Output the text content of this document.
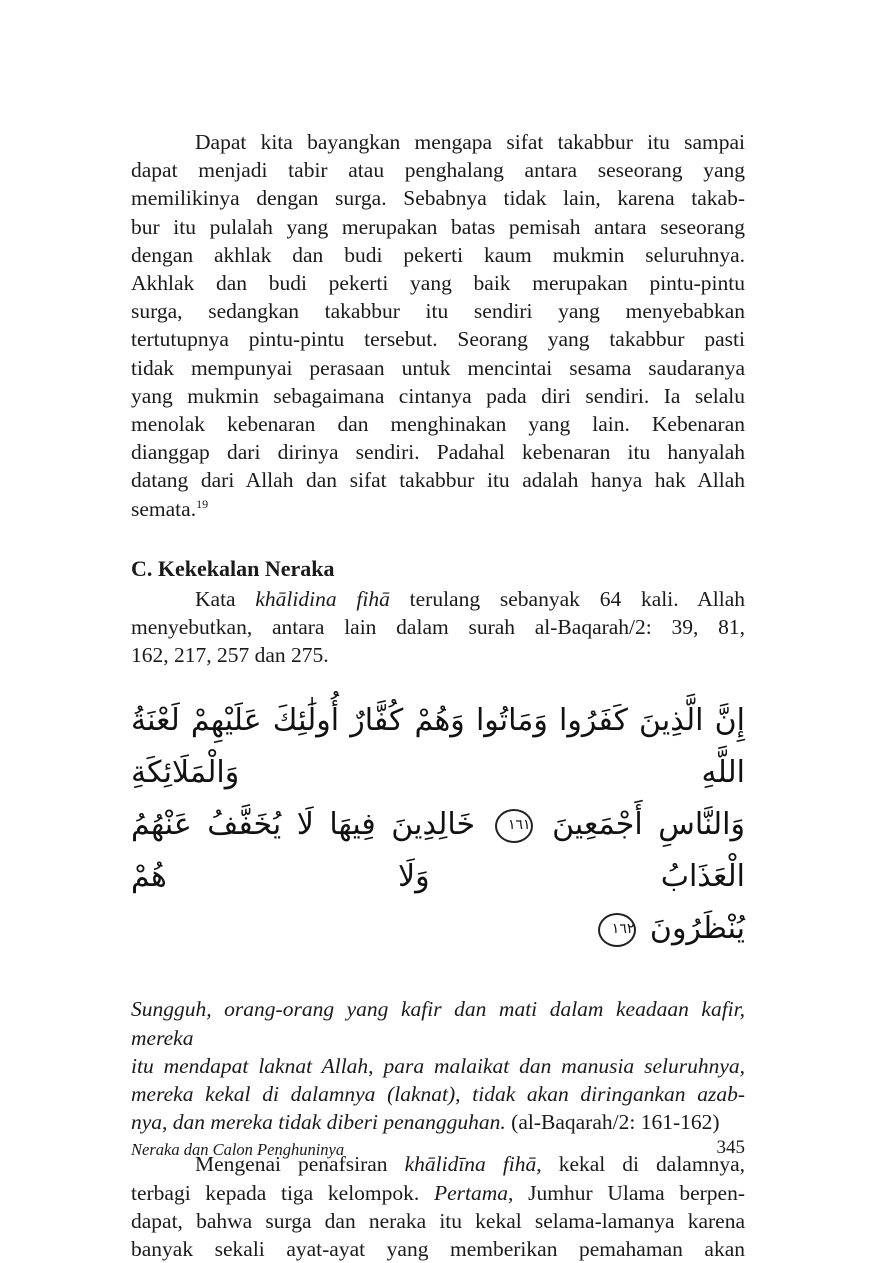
Dapat kita bayangkan mengapa sifat takabbur itu sampai
dapat menjadi tabir atau penghalang antara seseorang yang
memilikinya dengan surga. Sebabnya tidak lain, karena takab-
bur itu pulalah yang merupakan batas pemisah antara seseorang
dengan akhlak dan budi pekerti kaum mukmin seluruhnya.
Akhlak dan budi pekerti yang baik merupakan pintu-pintu
surga, sedangkan takabbur itu sendiri yang menyebabkan
tertutupnya pintu-pintu tersebut. Seorang yang takabbur pasti
tidak mempunyai perasaan untuk mencintai sesama saudaranya
yang mukmin sebagaimana cintanya pada diri sendiri. Ia selalu
menolak kebenaran dan menghinakan yang lain. Kebenaran
dianggap dari dirinya sendiri. Padahal kebenaran itu hanyalah
datang dari Allah dan sifat takabbur itu adalah hanya hak Allah
semata.$^{19}$

C. Kekekalan Neraka

Kata khālidina fihā terulang sebanyak 64 kali. Allah
menyebutkan, antara lain dalam surah al-Baqarah/2: 39, 81,
162, 217, 257 dan 275.

إِنَّ الَّذِينَ كَفَرُوا وَمَاتُوا وَهُمْ كُفَّارٌ أُولَٰئِكَ عَلَيْهِمْ لَعْنَةُ اللَّهِ وَالْمَلَائِكَةِ
وَالنَّاسِ أَجْمَعِينَ ١٦١ خَالِدِينَ فِيهَا لَا يُخَفَّفُ عَنْهُمُ الْعَذَابُ وَلَا هُمْ
يُنْظَرُونَ ١٦٢

Sungguh, orang-orang yang kafir dan mati dalam keadaan kafir, mereka
itu mendapat laknat Allah, para malaikat dan manusia seluruhnya,
mereka kekal di dalamnya (laknat), tidak akan diringankan azab-
nya, dan mereka tidak diberi penangguhan. (al-Baqarah/2: 161-162)

Mengenai penafsiran khālidīna fihā, kekal di dalamnya,
terbagi kepada tiga kelompok. Pertama, Jumhur Ulama berpen-
dapat, bahwa surga dan neraka itu kekal selama-lamanya karena
banyak sekali ayat-ayat yang memberikan pemahaman akan

Neraka dan Calon Penghuninya	345
